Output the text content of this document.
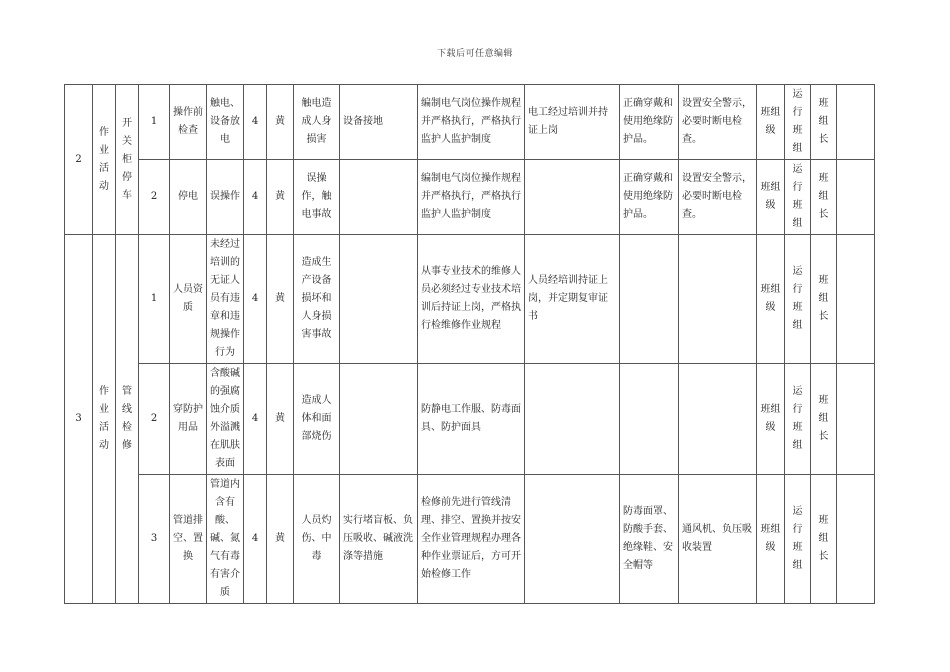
下载后可任意编辑
2	作业活动	开关柜停车	1	操作前检查	触电、设备放电	4	黄	触电造成人身损害	设备接地	编制电气岗位操作规程并严格执行，严格执行监护人监护制度	电工经过培训并持证上岗	正确穿戴和使用绝缘防护品。	设置安全警示，必要时断电检查。	班组级	运行班组	班组长	
			2	停电	误操作	4	黄	误操作，触电事故		编制电气岗位操作规程并严格执行，严格执行监护人监护制度		正确穿戴和使用绝缘防护品。	设置安全警示，必要时断电检查。	班组级	运行班组	班组长	
3	作业活动	管线检修	1	人员资质	未经过培训的无证人员有违章和违规操作行为	4	黄	造成生产设备损坏和人身损害事故		从事专业技术的维修人员必须经过专业技术培训后持证上岗，严格执行检维修作业规程	人员经培训持证上岗，并定期复审证书			班组级	运行班组	班组长	
			2	穿防护用品	含酸碱的强腐蚀介质外溢溅在肌肤表面	4	黄	造成人体和面部烧伤		防静电工作服、防毒面具、防护面具				班组级	运行班组	班组长	
			3	管道排空、置换	管道内含有酸、碱、氮气有毒有害介质	4	黄	人员灼伤、中毒	实行堵盲板、负压吸收、碱液洗涤等措施	检修前先进行管线清理、排空、置换并按安全作业管理规程办理各种作业票证后，方可开始检修工作		防毒面罩、防酸手套、绝缘鞋、安全帽等	通风机、负压吸收装置	班组级	运行班组	班组长	
